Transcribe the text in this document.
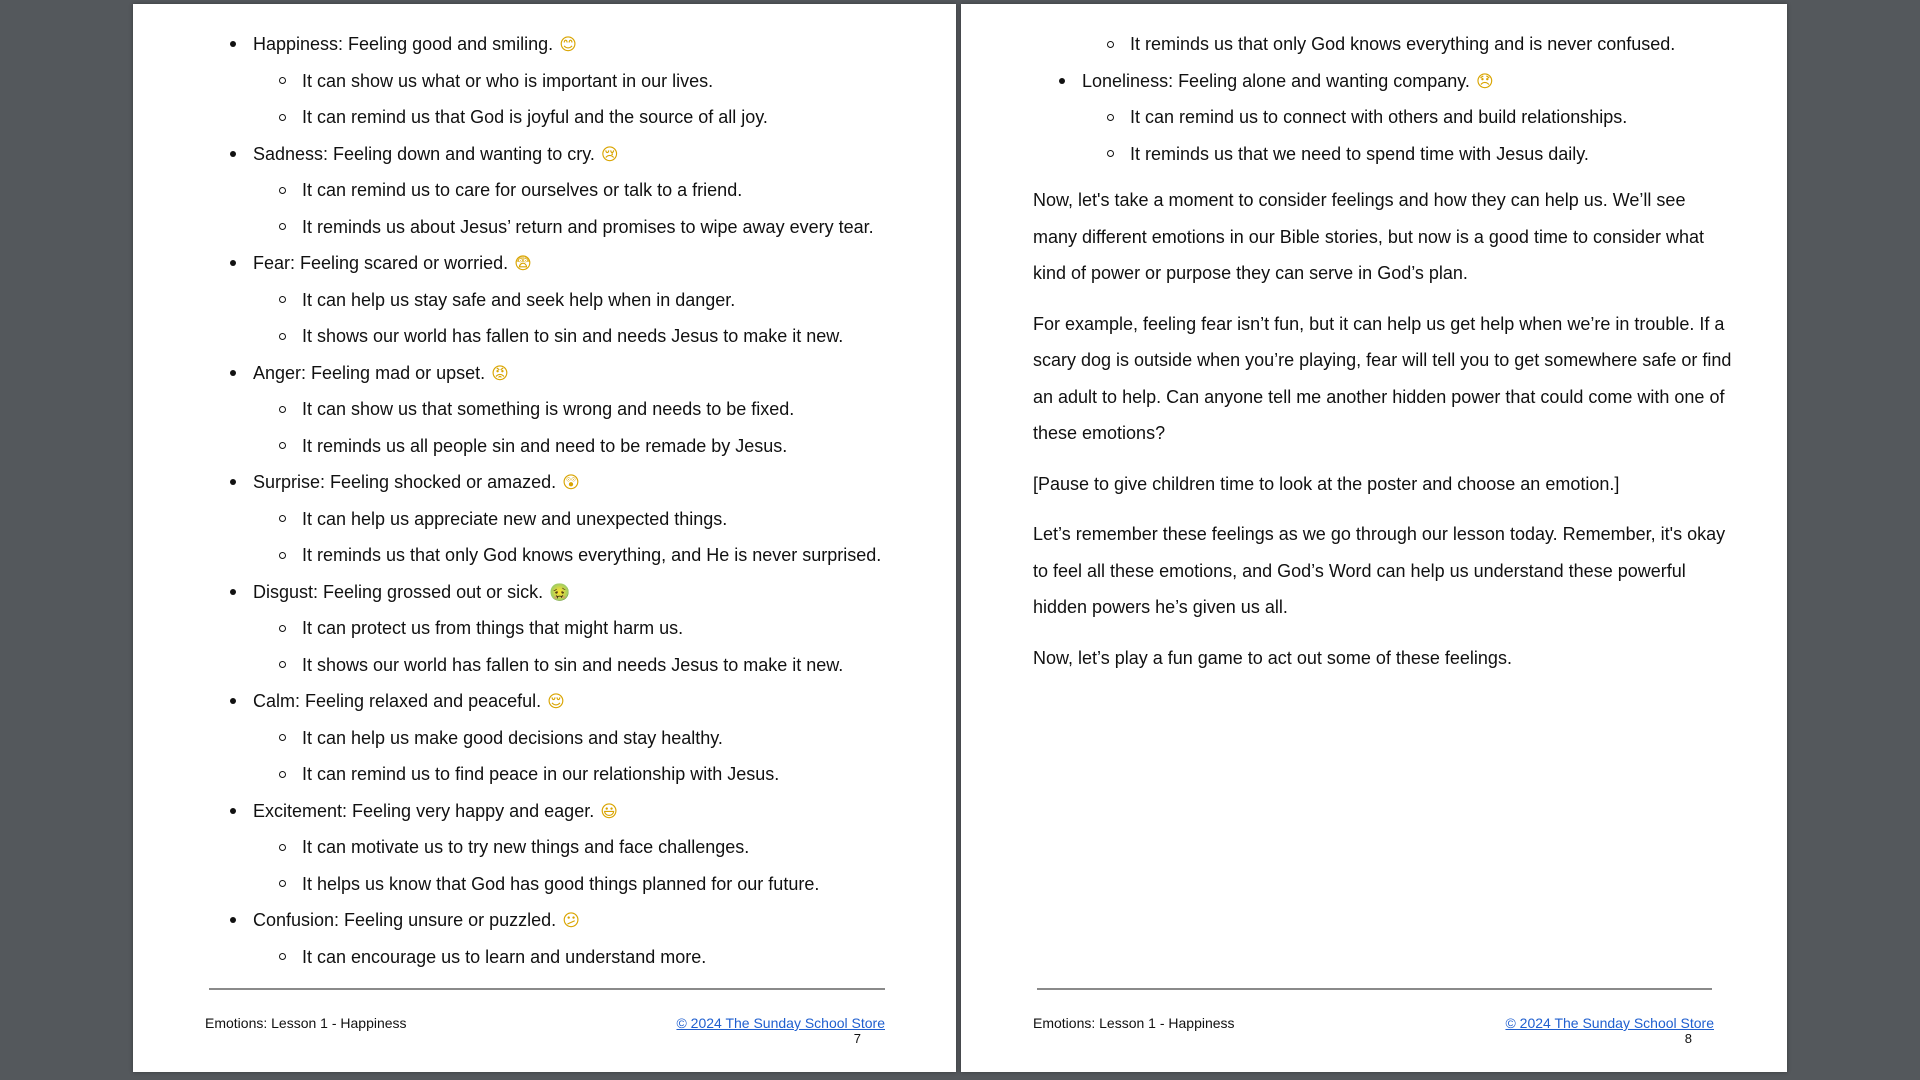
Happiness: Feeling good and smiling. 😊
It can show us what or who is important in our lives.
It can remind us that God is joyful and the source of all joy.
Sadness: Feeling down and wanting to cry. 😢
It can remind us to care for ourselves or talk to a friend.
It reminds us about Jesus’ return and promises to wipe away every tear.
Fear: Feeling scared or worried. 😨
It can help us stay safe and seek help when in danger.
It shows our world has fallen to sin and needs Jesus to make it new.
Anger: Feeling mad or upset. 😡
It can show us that something is wrong and needs to be fixed.
It reminds us all people sin and need to be remade by Jesus.
Surprise: Feeling shocked or amazed. 😲
It can help us appreciate new and unexpected things.
It reminds us that only God knows everything, and He is never surprised.
Disgust: Feeling grossed out or sick. 🤢
It can protect us from things that might harm us.
It shows our world has fallen to sin and needs Jesus to make it new.
Calm: Feeling relaxed and peaceful. 😌
It can help us make good decisions and stay healthy.
It can remind us to find peace in our relationship with Jesus.
Excitement: Feeling very happy and eager. 😃
It can motivate us to try new things and face challenges.
It helps us know that God has good things planned for our future.
Confusion: Feeling unsure or puzzled. 😕
It can encourage us to learn and understand more.
Emotions: Lesson 1 - Happiness	© 2024 The Sunday School Store
7
It reminds us that only God knows everything and is never confused.
Loneliness: Feeling alone and wanting company. 😞
It can remind us to connect with others and build relationships.
It reminds us that we need to spend time with Jesus daily.

Now, let's take a moment to consider feelings and how they can help us. We’ll see many different emotions in our Bible stories, but now is a good time to consider what kind of power or purpose they can serve in God’s plan.

For example, feeling fear isn’t fun, but it can help us get help when we’re in trouble. If a scary dog is outside when you’re playing, fear will tell you to get somewhere safe or find an adult to help. Can anyone tell me another hidden power that could come with one of these emotions?

[Pause to give children time to look at the poster and choose an emotion.]

Let’s remember these feelings as we go through our lesson today. Remember, it's okay to feel all these emotions, and God’s Word can help us understand these powerful hidden powers he’s given us all.

Now, let’s play a fun game to act out some of these feelings.

Emotions: Lesson 1 - Happiness	© 2024 The Sunday School Store
8
